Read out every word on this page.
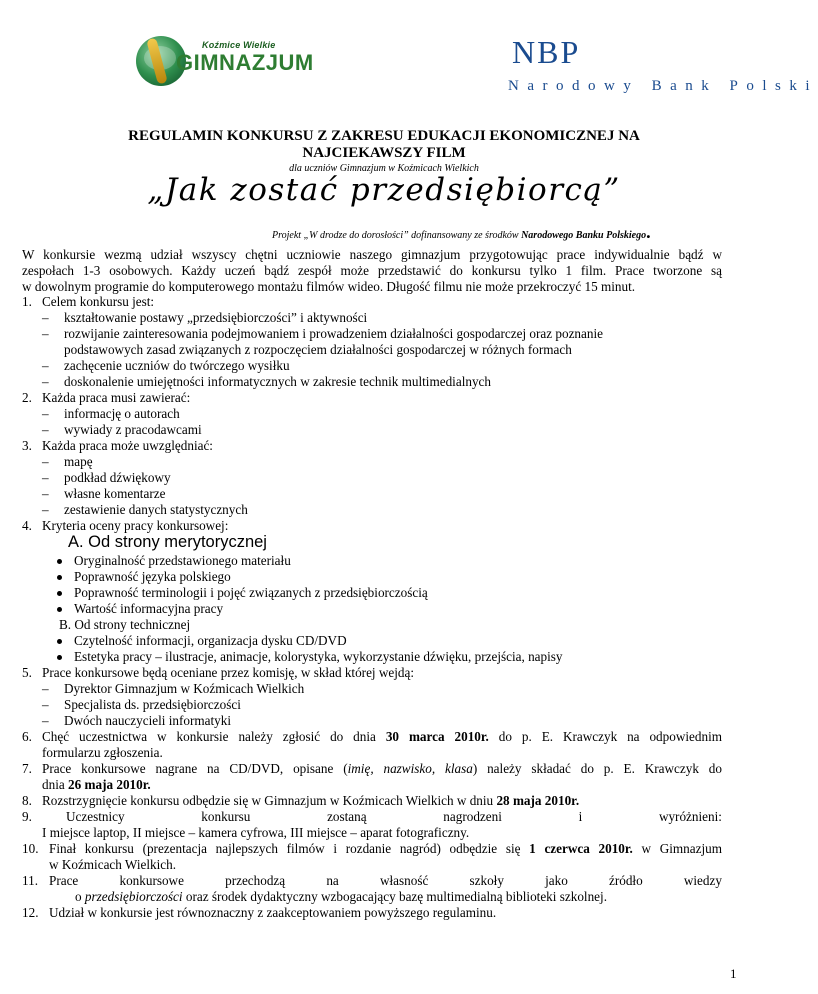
Koźmice Wielkie
GIMNAZJUM	NBP
Narodowy Bank Polski
REGULAMIN KONKURSU Z ZAKRESU EDUKACJI EKONOMICZNEJ NA
NAJCIEKAWSZY FILM
dla uczniów Gimnazjum w Koźmicach Wielkich
„Jak zostać przedsiębiorcą”
Projekt „W drodze do dorosłości” dofinansowany ze środków Narodowego Banku Polskiego.
W konkursie wezmą udział wszyscy chętni uczniowie naszego gimnazjum przygotowując prace indywidualnie bądź w
zespołach 1-3 osobowych. Każdy uczeń bądź zespół może przedstawić do konkursu tylko 1 film. Prace tworzone są
w dowolnym programie do komputerowego montażu filmów wideo. Długość filmu nie może przekroczyć 15 minut.
1. Celem konkursu jest:
– kształtowanie postawy „przedsiębiorczości” i aktywności
– rozwijanie zainteresowania podejmowaniem i prowadzeniem działalności gospodarczej oraz poznanie
podstawowych zasad związanych z rozpoczęciem działalności gospodarczej w różnych formach
– zachęcenie uczniów do twórczego wysiłku
– doskonalenie umiejętności informatycznych w zakresie technik multimedialnych
2. Każda praca musi zawierać:
– informację o autorach
– wywiady z pracodawcami
3. Każda praca może uwzględniać:
– mapę
– podkład dźwiękowy
– własne komentarze
– zestawienie danych statystycznych
4. Kryteria oceny pracy konkursowej:
A. Od strony merytorycznej
Oryginalność przedstawionego materiału
Poprawność języka polskiego
Poprawność terminologii i pojęć związanych z przedsiębiorczością
Wartość informacyjna pracy
B. Od strony technicznej
Czytelność informacji, organizacja dysku CD/DVD
Estetyka pracy – ilustracje, animacje, kolorystyka, wykorzystanie dźwięku, przejścia, napisy
5. Prace konkursowe będą oceniane przez komisję, w skład której wejdą:
– Dyrektor Gimnazjum w Koźmicach Wielkich
– Specjalista ds. przedsiębiorczości
– Dwóch nauczycieli informatyki
6. Chęć uczestnictwa w konkursie należy zgłosić do dnia 30 marca 2010r. do p. E. Krawczyk na odpowiednim
formularzu zgłoszenia.
7. Prace konkursowe nagrane na CD/DVD, opisane (imię, nazwisko, klasa) należy składać do p. E. Krawczyk do
dnia 26 maja 2010r.
8. Rozstrzygnięcie konkursu odbędzie się w Gimnazjum w Koźmicach Wielkich w dniu 28 maja 2010r.
9.	Uczestnicy	konkursu	zostaną	nagrodzeni	i	wyróżnieni:
I miejsce laptop, II miejsce – kamera cyfrowa, III miejsce – aparat fotograficzny.
10. Finał konkursu (prezentacja najlepszych filmów i rozdanie nagród) odbędzie się 1 czerwca 2010r. w Gimnazjum
w Koźmicach Wielkich.
11. Prace	konkursowe	przechodzą	na	własność	szkoły	jako	źródło	wiedzy
o przedsiębiorczości oraz środek dydaktyczny wzbogacający bazę multimedialną biblioteki szkolnej.
12. Udział w konkursie jest równoznaczny z zaakceptowaniem powyższego regulaminu.
1
